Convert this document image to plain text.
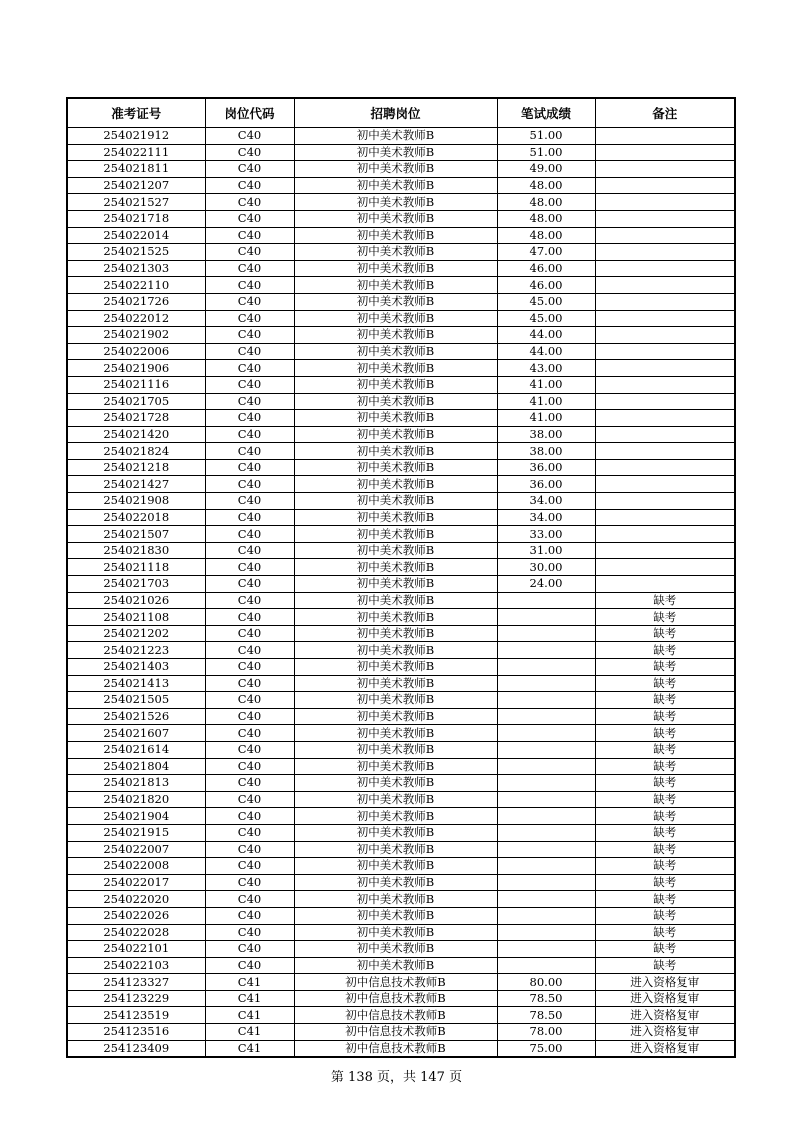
准考证号	岗位代码	招聘岗位	笔试成绩	备注
254021912	C40	初中美术教师B	51.00	
254022111	C40	初中美术教师B	51.00	
254021811	C40	初中美术教师B	49.00	
254021207	C40	初中美术教师B	48.00	
254021527	C40	初中美术教师B	48.00	
254021718	C40	初中美术教师B	48.00	
254022014	C40	初中美术教师B	48.00	
254021525	C40	初中美术教师B	47.00	
254021303	C40	初中美术教师B	46.00	
254022110	C40	初中美术教师B	46.00	
254021726	C40	初中美术教师B	45.00	
254022012	C40	初中美术教师B	45.00	
254021902	C40	初中美术教师B	44.00	
254022006	C40	初中美术教师B	44.00	
254021906	C40	初中美术教师B	43.00	
254021116	C40	初中美术教师B	41.00	
254021705	C40	初中美术教师B	41.00	
254021728	C40	初中美术教师B	41.00	
254021420	C40	初中美术教师B	38.00	
254021824	C40	初中美术教师B	38.00	
254021218	C40	初中美术教师B	36.00	
254021427	C40	初中美术教师B	36.00	
254021908	C40	初中美术教师B	34.00	
254022018	C40	初中美术教师B	34.00	
254021507	C40	初中美术教师B	33.00	
254021830	C40	初中美术教师B	31.00	
254021118	C40	初中美术教师B	30.00	
254021703	C40	初中美术教师B	24.00	
254021026	C40	初中美术教师B		缺考
254021108	C40	初中美术教师B		缺考
254021202	C40	初中美术教师B		缺考
254021223	C40	初中美术教师B		缺考
254021403	C40	初中美术教师B		缺考
254021413	C40	初中美术教师B		缺考
254021505	C40	初中美术教师B		缺考
254021526	C40	初中美术教师B		缺考
254021607	C40	初中美术教师B		缺考
254021614	C40	初中美术教师B		缺考
254021804	C40	初中美术教师B		缺考
254021813	C40	初中美术教师B		缺考
254021820	C40	初中美术教师B		缺考
254021904	C40	初中美术教师B		缺考
254021915	C40	初中美术教师B		缺考
254022007	C40	初中美术教师B		缺考
254022008	C40	初中美术教师B		缺考
254022017	C40	初中美术教师B		缺考
254022020	C40	初中美术教师B		缺考
254022026	C40	初中美术教师B		缺考
254022028	C40	初中美术教师B		缺考
254022101	C40	初中美术教师B		缺考
254022103	C40	初中美术教师B		缺考
254123327	C41	初中信息技术教师B	80.00	进入资格复审
254123229	C41	初中信息技术教师B	78.50	进入资格复审
254123519	C41	初中信息技术教师B	78.50	进入资格复审
254123516	C41	初中信息技术教师B	78.00	进入资格复审
254123409	C41	初中信息技术教师B	75.00	进入资格复审
第 138 页，共 147 页
